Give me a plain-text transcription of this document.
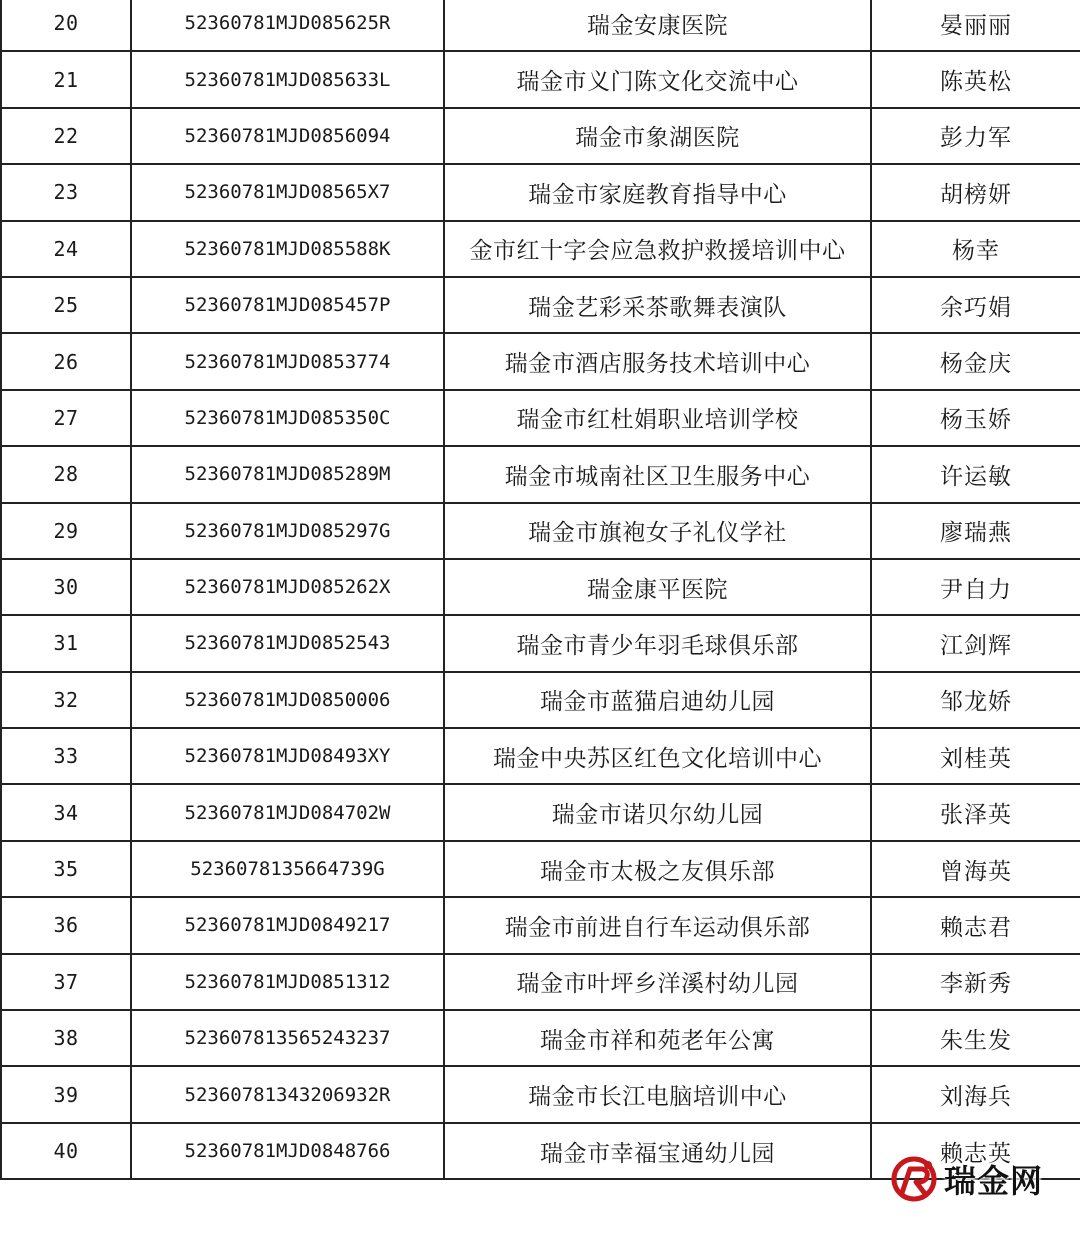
20	52360781MJD085625R	瑞金安康医院	晏丽丽
21	52360781MJD085633L	瑞金市义门陈文化交流中心	陈英松
22	52360781MJD0856094	瑞金市象湖医院	彭力军
23	52360781MJD08565X7	瑞金市家庭教育指导中心	胡榜妍
24	52360781MJD085588K	金市红十字会应急救护救援培训中心	杨幸
25	52360781MJD085457P	瑞金艺彩采茶歌舞表演队	余巧娟
26	52360781MJD0853774	瑞金市酒店服务技术培训中心	杨金庆
27	52360781MJD085350C	瑞金市红杜娟职业培训学校	杨玉娇
28	52360781MJD085289M	瑞金市城南社区卫生服务中心	许运敏
29	52360781MJD085297G	瑞金市旗袍女子礼仪学社	廖瑞燕
30	52360781MJD085262X	瑞金康平医院	尹自力
31	52360781MJD0852543	瑞金市青少年羽毛球俱乐部	江剑辉
32	52360781MJD0850006	瑞金市蓝猫启迪幼儿园	邹龙娇
33	52360781MJD08493XY	瑞金中央苏区红色文化培训中心	刘桂英
34	52360781MJD084702W	瑞金市诺贝尔幼儿园	张泽英
35	5236078135664739G	瑞金市太极之友俱乐部	曾海英
36	52360781MJD0849217	瑞金市前进自行车运动俱乐部	赖志君
37	52360781MJD0851312	瑞金市叶坪乡洋溪村幼儿园	李新秀
38	5236078135652432​37	瑞金市祥和苑老年公寓	朱生发
39	5236078134320​6932R	瑞金市长江电脑培训中心	刘海兵
40	52360781MJD0848766	瑞金市幸福宝通幼儿园	赖志英
瑞金网
